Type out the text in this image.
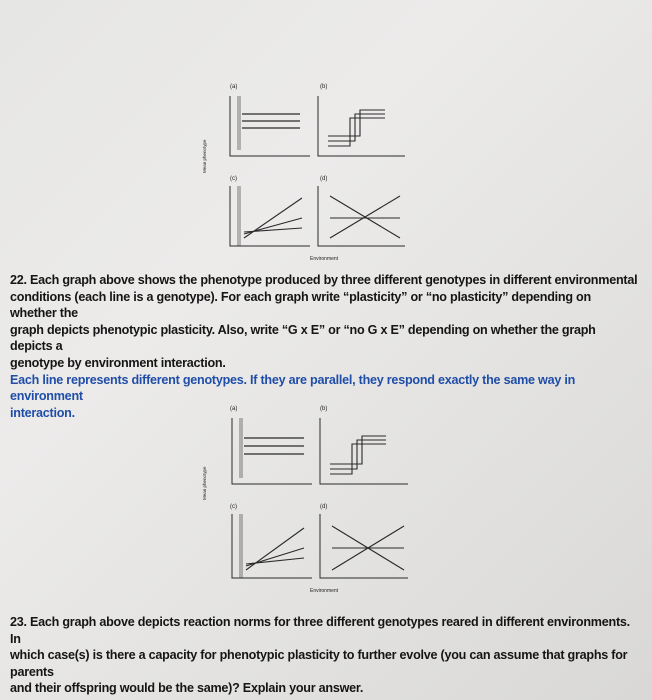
(a)	(b)
(c)	(d)
Mean phenotype
Environment

22. Each graph above shows the phenotype produced by three different genotypes in different environmental
conditions (each line is a genotype). For each graph write “plasticity” or “no plasticity” depending on whether the
graph depicts phenotypic plasticity. Also, write “G x E” or “no G x E” depending on whether the graph depicts a
genotype by environment interaction.
Each line represents different genotypes. If they are parallel, they respond exactly the same way in environment
interaction.	(a)	(b)
(c)	(d)
Mean phenotype
Environment

23. Each graph above depicts reaction norms for three different genotypes reared in different environments. In
which case(s) is there a capacity for phenotypic plasticity to further evolve (you can assume that graphs for parents
and their offspring would be the same)? Explain your answer.
